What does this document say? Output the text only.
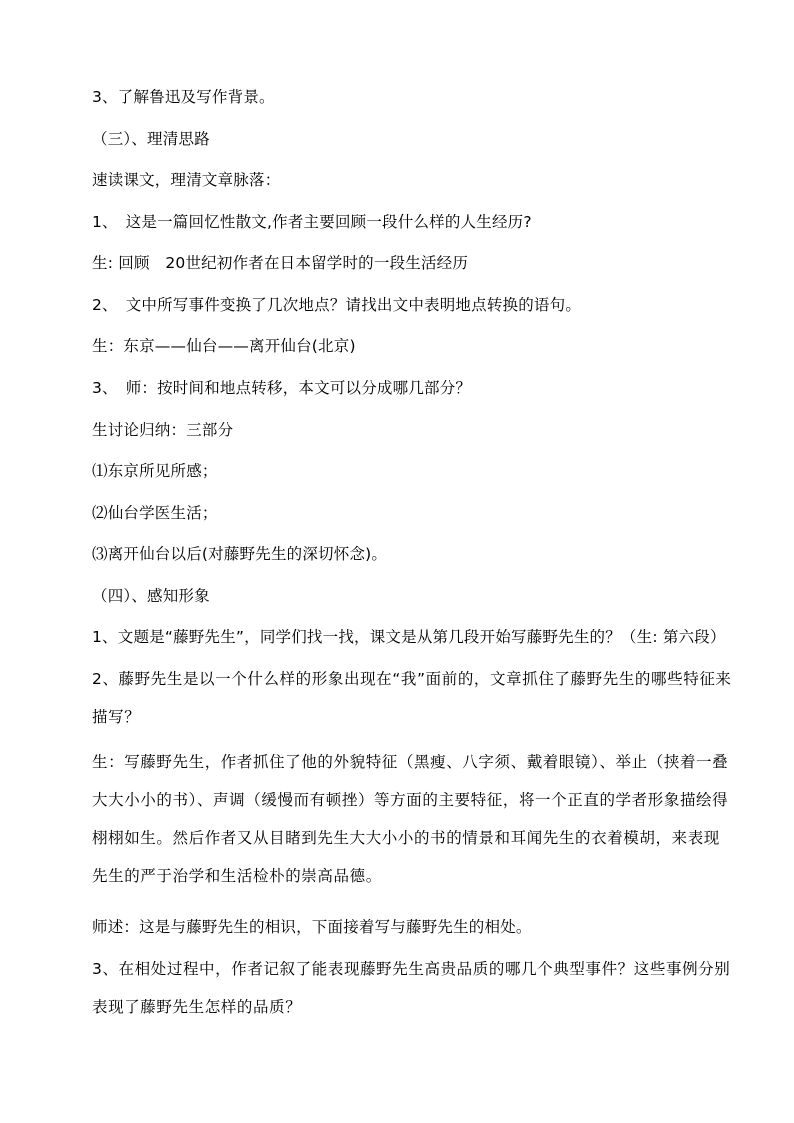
3、了解鲁迅及写作背景。
（三）、理清思路
速读课文，理清文章脉落：
1、　这是一篇回忆性散文,作者主要回顾一段什么样的人生经历?
生: 回顾　20世纪初作者在日本留学时的一段生活经历
2、　文中所写事件变换了几次地点？请找出文中表明地点转换的语句。
生：东京——仙台——离开仙台(北京)
3、　师：按时间和地点转移，本文可以分成哪几部分？
生讨论归纳：三部分
⑴东京所见所感；
⑵仙台学医生活；
⑶离开仙台以后(对藤野先生的深切怀念)。
（四）、感知形象
1、文题是“藤野先生”，同学们找一找，课文是从第几段开始写藤野先生的？（生: 第六段）
2、藤野先生是以一个什么样的形象出现在“我”面前的，文章抓住了藤野先生的哪些特征来描写？
生：写藤野先生，作者抓住了他的外貌特征（黑瘦、八字须、戴着眼镜）、举止（挟着一叠大大小小的书）、声调（缓慢而有顿挫）等方面的主要特征，将一个正直的学者形象描绘得栩栩如生。然后作者又从目睹到先生大大小小的书的情景和耳闻先生的衣着模胡，来表现先生的严于治学和生活检朴的崇高品德。
师述：这是与藤野先生的相识，下面接着写与藤野先生的相处。
3、在相处过程中，作者记叙了能表现藤野先生高贵品质的哪几个典型事件？这些事例分别表现了藤野先生怎样的品质？
